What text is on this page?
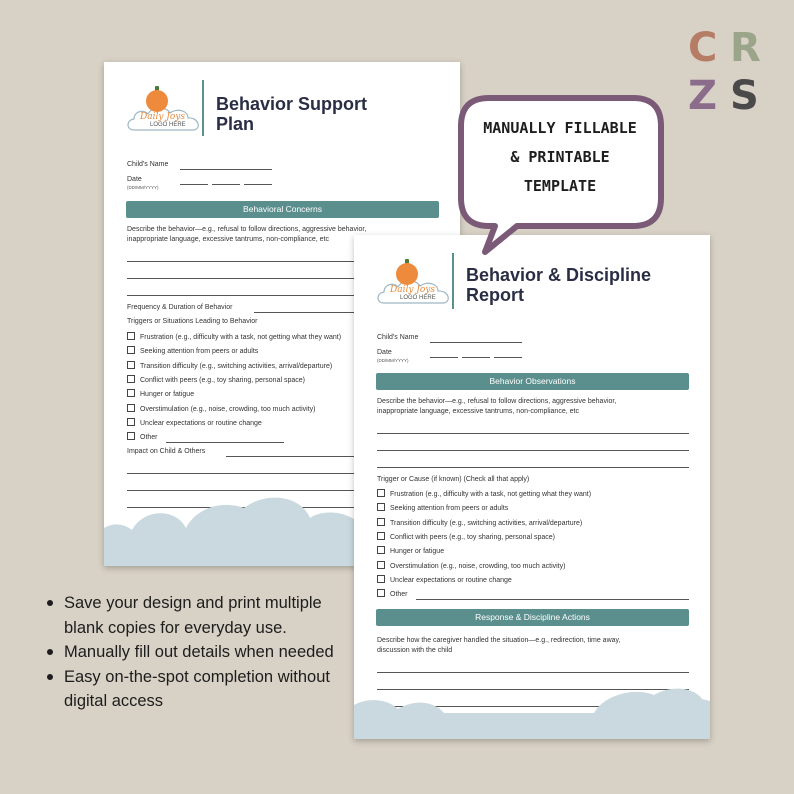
C R
Z S
Daily Joys
LOGO HERE
Behavior Support
Plan
Child's Name
Date
(DD/MM/YYYY)
Behavioral Concerns
Describe the behavior—e.g., refusal to follow directions, aggressive behavior,
inappropriate language, excessive tantrums, non-compliance, etc
Frequency & Duration of Behavior
Triggers or Situations Leading to Behavior
Frustration (e.g., difficulty with a task, not getting what they want)
Seeking attention from peers or adults
Transition difficulty (e.g., switching activities, arrival/departure)
Conflict with peers (e.g., toy sharing, personal space)
Hunger or fatigue
Overstimulation (e.g., noise, crowding, too much activity)
Unclear expectations or routine change
Other
Impact on Child & Others
Daily Joys
LOGO HERE
Behavior & Discipline
Report
Child's Name
Date
(DD/MM/YYYY)
Behavior Observations
Describe the behavior—e.g., refusal to follow directions, aggressive behavior,
inappropriate language, excessive tantrums, non-compliance, etc
Trigger or Cause (if known) (Check all that apply)
Frustration (e.g., difficulty with a task, not getting what they want)
Seeking attention from peers or adults
Transition difficulty (e.g., switching activities, arrival/departure)
Conflict with peers (e.g., toy sharing, personal space)
Hunger or fatigue
Overstimulation (e.g., noise, crowding, too much activity)
Unclear expectations or routine change
Other
Response & Discipline Actions
Describe how the caregiver handled the situation—e.g., redirection, time away,
discussion with the child
MANUALLY FILLABLE
& PRINTABLE
TEMPLATE
Save your design and print multiple blank copies for everyday use.
Manually fill out details when needed
Easy on-the-spot completion without digital access
